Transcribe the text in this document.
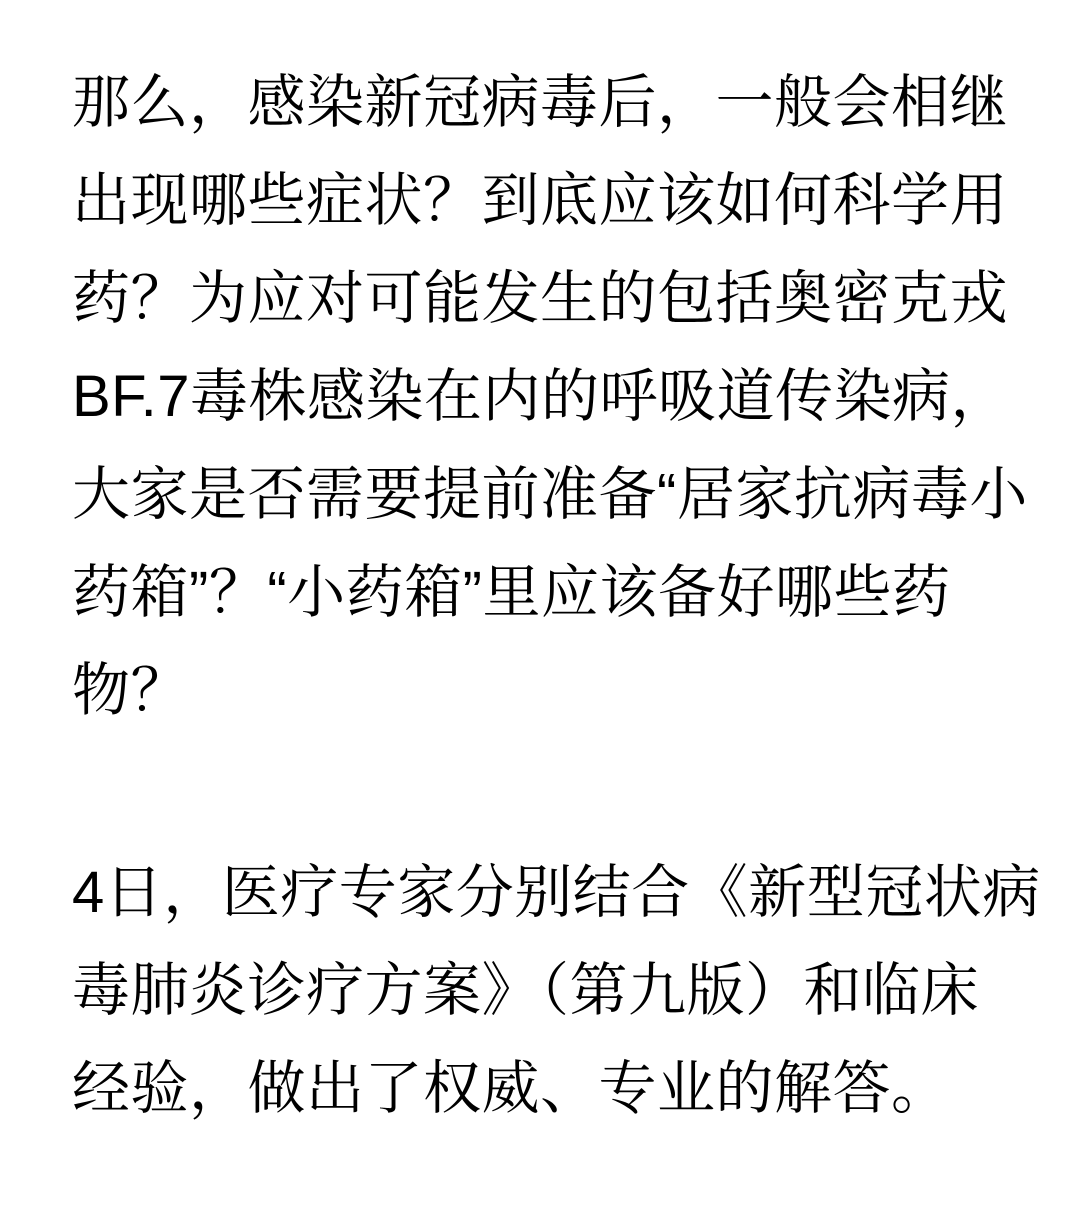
那么，感染新冠病毒后，一般会相继
出现哪些症状？到底应该如何科学用
药？为应对可能发生的包括奥密克戎
BF.7毒株感染在内的呼吸道传染病，
大家是否需要提前准备“居家抗病毒小
药箱”？“小药箱”里应该备好哪些药
物？
4日，医疗专家分别结合《新型冠状病
毒肺炎诊疗方案》（第九版）和临床
经验，做出了权威、专业的解答。
